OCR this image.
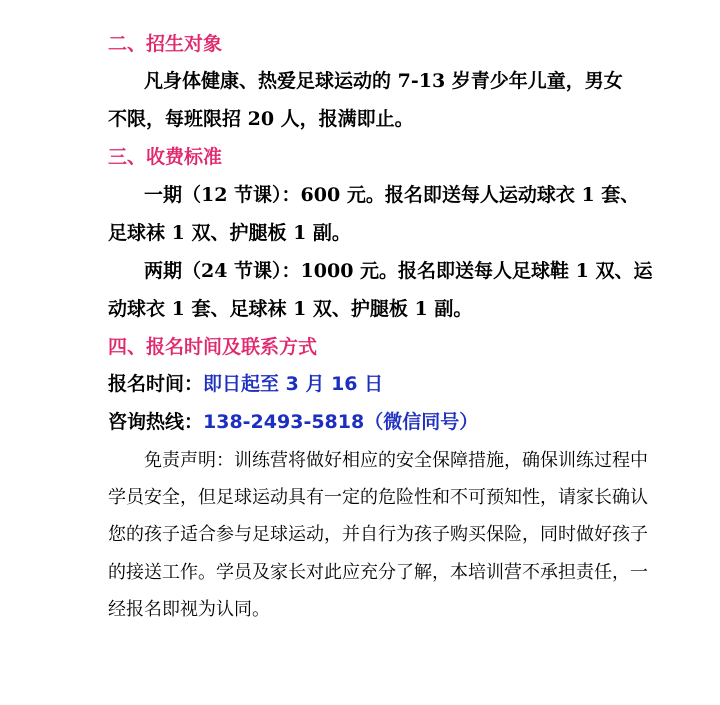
二、招生对象
凡身体健康、热爱足球运动的 7-13 岁青少年儿童，男女
不限，每班限招 20 人，报满即止。
三、收费标准
一期（12 节课）：600 元。报名即送每人运动球衣 1 套、
足球袜 1 双、护腿板 1 副。
两期（24 节课）：1000 元。报名即送每人足球鞋 1 双、运
动球衣 1 套、足球袜 1 双、护腿板 1 副。
四、报名时间及联系方式
报名时间：即日起至 3 月 16 日
咨询热线：138-2493-5818（微信同号）
免责声明：训练营将做好相应的安全保障措施，确保训练过程中
学员安全，但足球运动具有一定的危险性和不可预知性，请家长确认
您的孩子适合参与足球运动，并自行为孩子购买保险，同时做好孩子
的接送工作。学员及家长对此应充分了解，本培训营不承担责任，一
经报名即视为认同。
